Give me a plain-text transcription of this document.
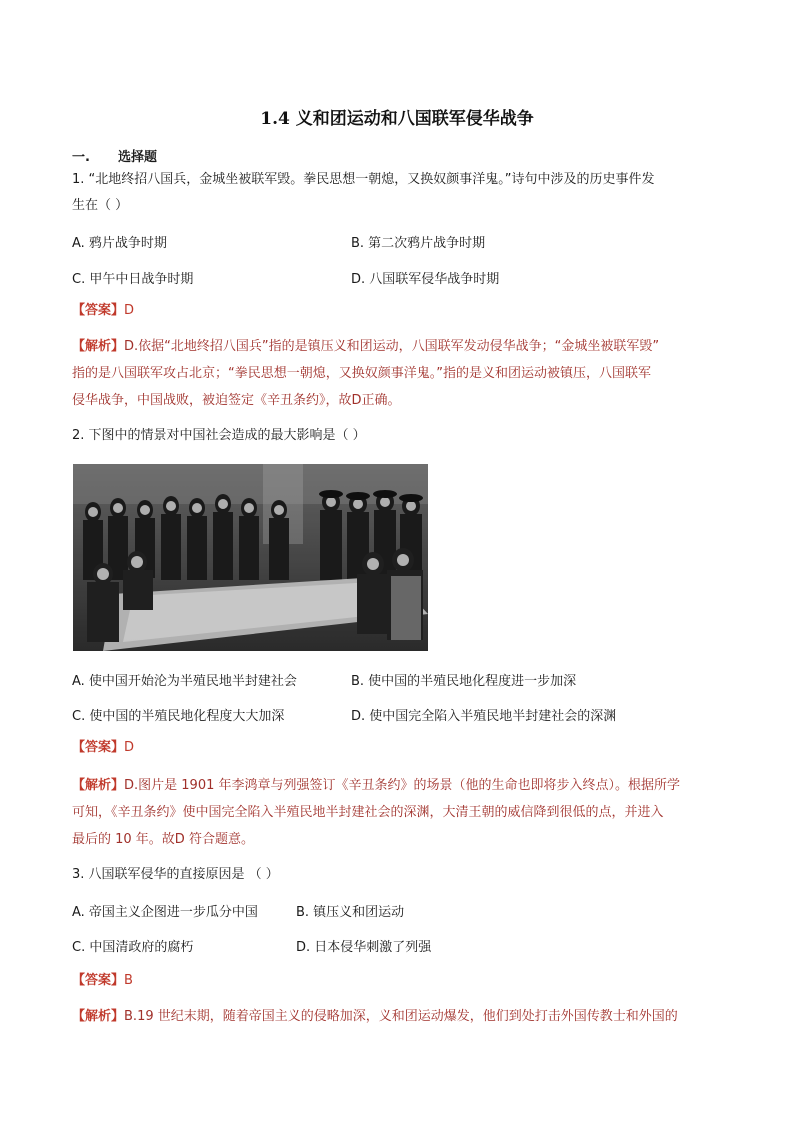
1.4 义和团运动和八国联军侵华战争
一. 选择题
1. “北地终招八国兵，金城坐被联军毁。拳民思想一朝熄，又换奴颜事洋鬼。”诗句中涉及的历史事件发
生在（ ）
A. 鸦片战争时期	B. 第二次鸦片战争时期
C. 甲午中日战争时期	D. 八国联军侵华战争时期
【答案】D
【解析】D.依据“北地终招八国兵”指的是镇压义和团运动，八国联军发动侵华战争；“金城坐被联军毁”
指的是八国联军攻占北京；“拳民思想一朝熄，又换奴颜事洋鬼。”指的是义和团运动被镇压，八国联军
侵华战争，中国战败，被迫签定《辛丑条约》，故D正确。
2. 下图中的情景对中国社会造成的最大影响是（ ）
A. 使中国开始沦为半殖民地半封建社会	B. 使中国的半殖民地化程度进一步加深
C. 使中国的半殖民地化程度大大加深	D. 使中国完全陷入半殖民地半封建社会的深渊
【答案】D
【解析】D.图片是 1901 年李鸿章与列强签订《辛丑条约》的场景（他的生命也即将步入终点）。根据所学
可知，《辛丑条约》使中国完全陷入半殖民地半封建社会的深渊，大清王朝的威信降到很低的点，并进入
最后的 10 年。故D 符合题意。
3. 八国联军侵华的直接原因是 （ ）
A. 帝国主义企图进一步瓜分中国	B. 镇压义和团运动
C. 中国清政府的腐朽	D. 日本侵华刺激了列强
【答案】B
【解析】B.19 世纪末期，随着帝国主义的侵略加深，义和团运动爆发，他们到处打击外国传教士和外国的
